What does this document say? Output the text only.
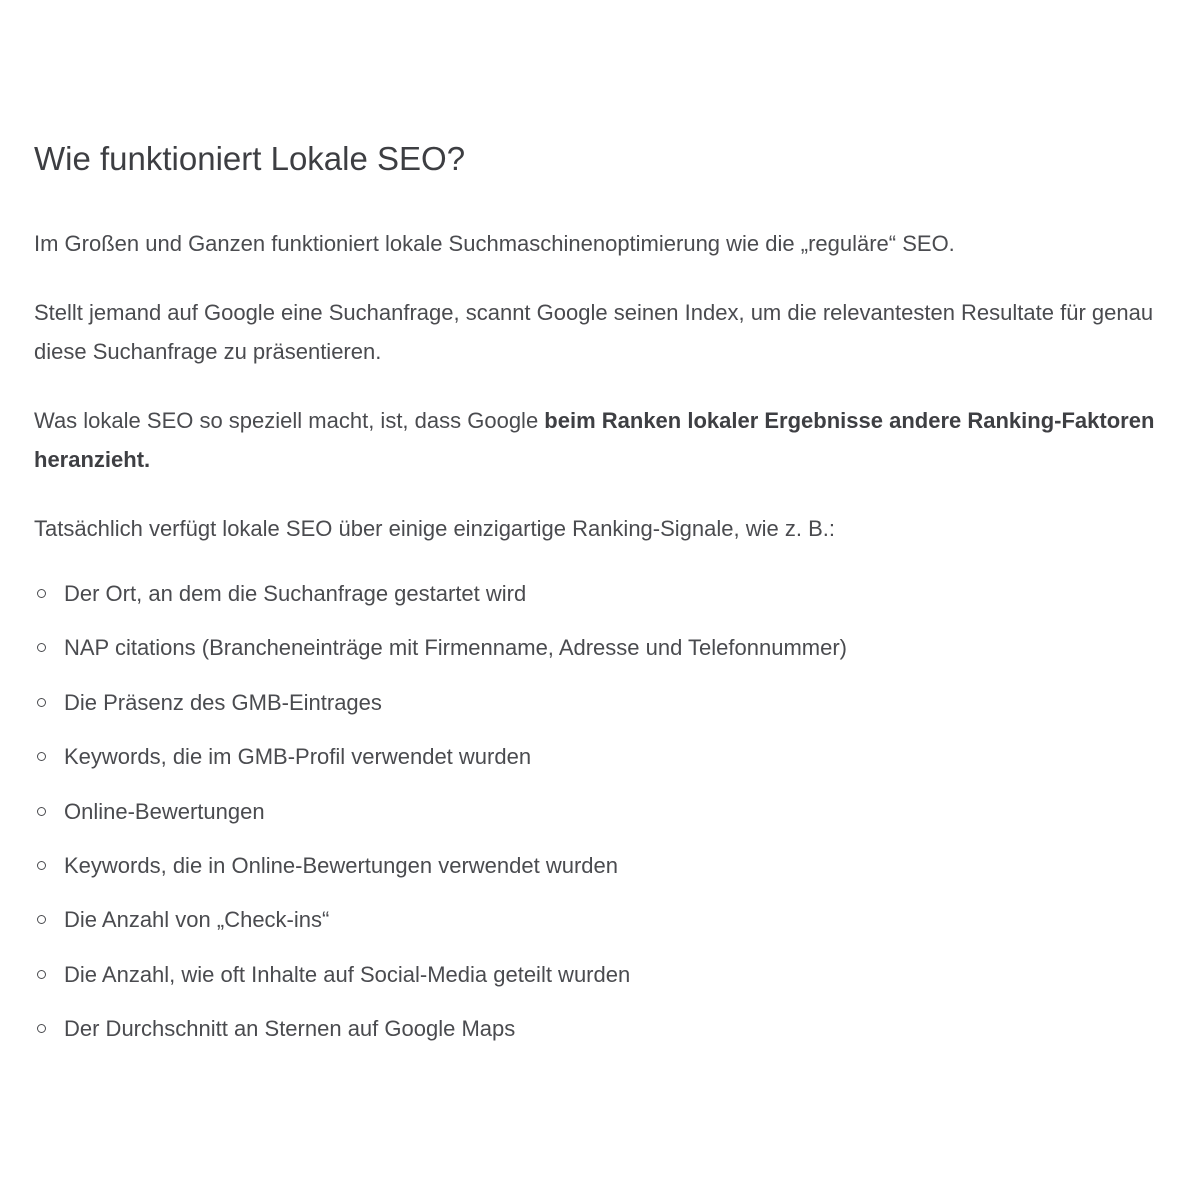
Wie funktioniert Lokale SEO?

Im Großen und Ganzen funktioniert lokale Suchmaschinenoptimierung wie die „reguläre“ SEO.

Stellt jemand auf Google eine Suchanfrage, scannt Google seinen Index, um die relevantesten Resultate für genau diese Suchanfrage zu präsentieren.

Was lokale SEO so speziell macht, ist, dass Google beim Ranken lokaler Ergebnisse andere Ranking-Faktoren heranzieht.

Tatsächlich verfügt lokale SEO über einige einzigartige Ranking-Signale, wie z. B.:

Der Ort, an dem die Suchanfrage gestartet wird
NAP citations (Brancheneinträge mit Firmenname, Adresse und Telefonnummer)
Die Präsenz des GMB-Eintrages
Keywords, die im GMB-Profil verwendet wurden
Online-Bewertungen
Keywords, die in Online-Bewertungen verwendet wurden
Die Anzahl von „Check-ins“
Die Anzahl, wie oft Inhalte auf Social-Media geteilt wurden
Der Durchschnitt an Sternen auf Google Maps
